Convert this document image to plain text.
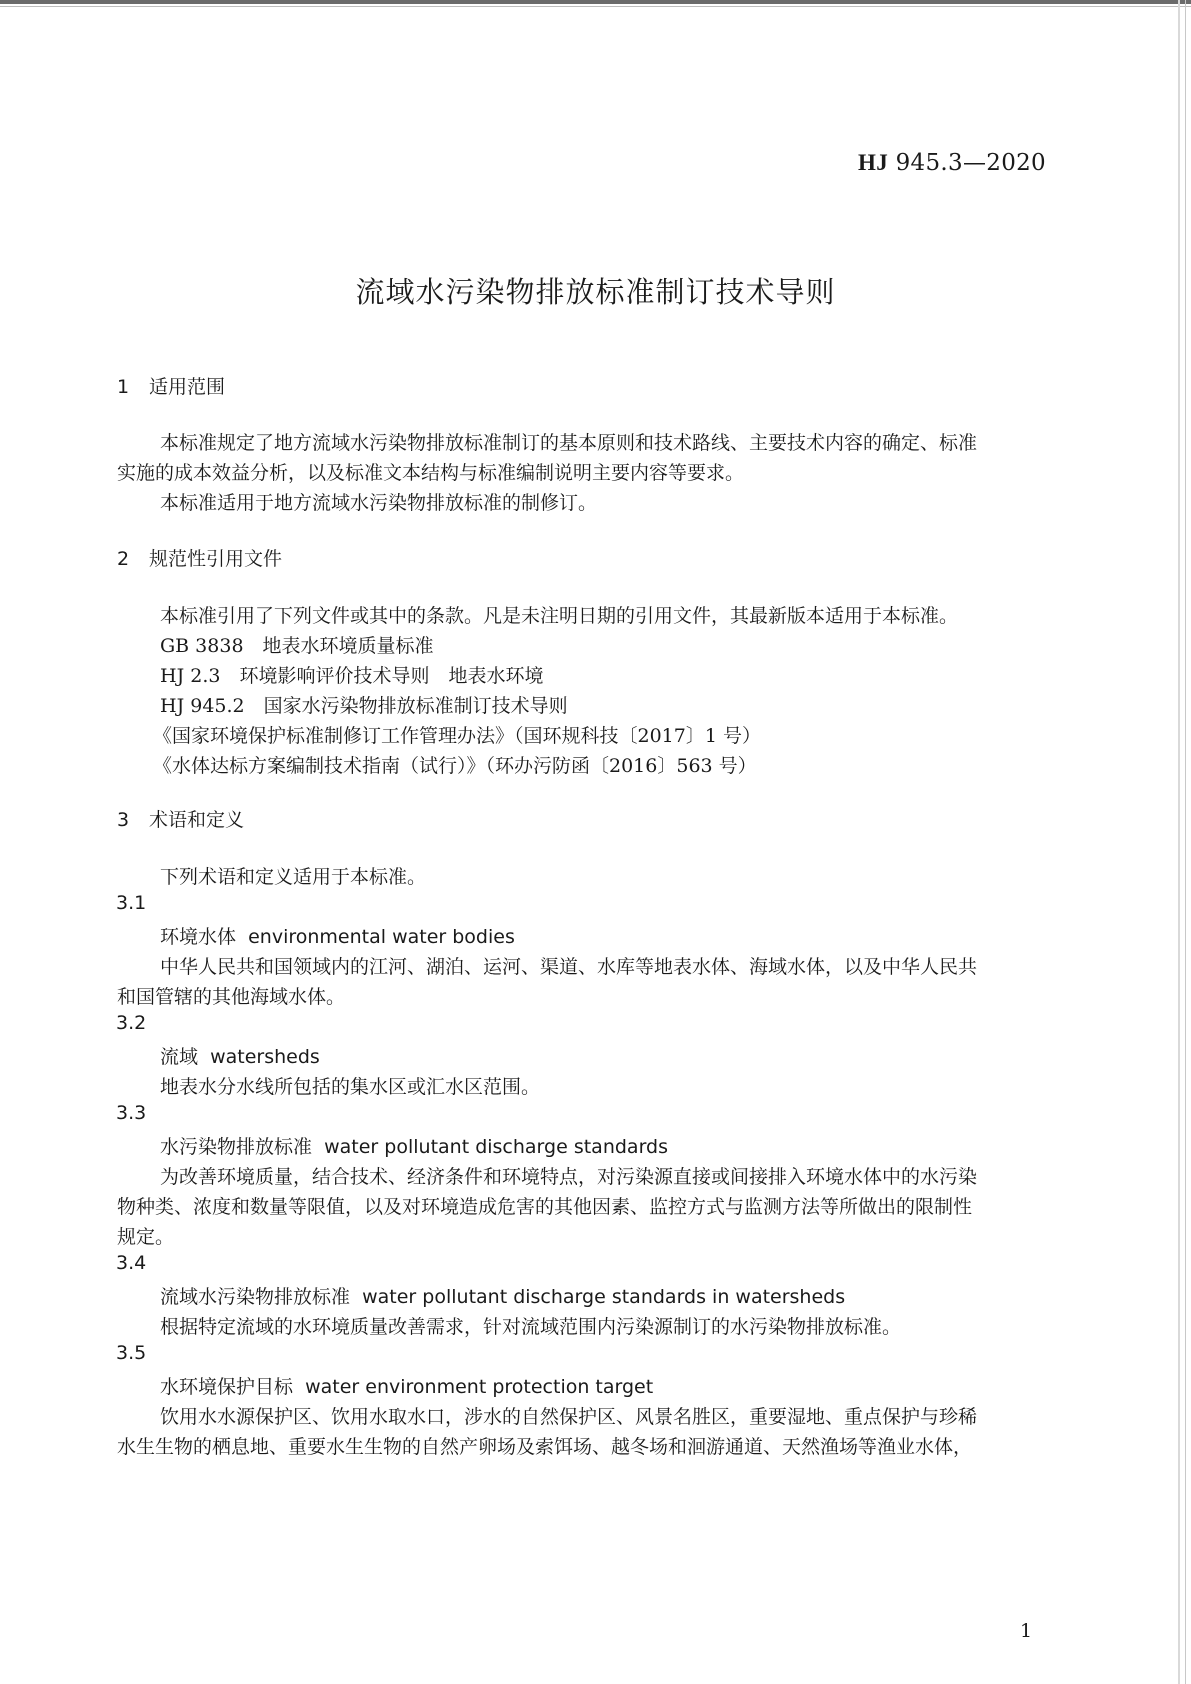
HJ 945.3—2020
流域水污染物排放标准制订技术导则
1 适用范围

本标准规定了地方流域水污染物排放标准制订的基本原则和技术路线、主要技术内容的确定、标准

实施的成本效益分析，以及标准文本结构与标准编制说明主要内容等要求。

本标准适用于地方流域水污染物排放标准的制修订。

2 规范性引用文件

本标准引用了下列文件或其中的条款。凡是未注明日期的引用文件，其最新版本适用于本标准。

GB 3838　地表水环境质量标准

HJ 2.3　环境影响评价技术导则　地表水环境

HJ 945.2　国家水污染物排放标准制订技术导则

《国家环境保护标准制修订工作管理办法》（国环规科技〔2017〕1 号）

《水体达标方案编制技术指南（试行）》（环办污防函〔2016〕563 号）

3 术语和定义

下列术语和定义适用于本标准。

3.1
环境水体 environmental water bodies

中华人民共和国领域内的江河、湖泊、运河、渠道、水库等地表水体、海域水体，以及中华人民共

和国管辖的其他海域水体。

3.2
流域 watersheds

地表水分水线所包括的集水区或汇水区范围。

3.3
水污染物排放标准 water pollutant discharge standards

为改善环境质量，结合技术、经济条件和环境特点，对污染源直接或间接排入环境水体中的水污染

物种类、浓度和数量等限值，以及对环境造成危害的其他因素、监控方式与监测方法等所做出的限制性

规定。

3.4
流域水污染物排放标准 water pollutant discharge standards in watersheds

根据特定流域的水环境质量改善需求，针对流域范围内污染源制订的水污染物排放标准。

3.5
水环境保护目标 water environment protection target

饮用水水源保护区、饮用水取水口，涉水的自然保护区、风景名胜区，重要湿地、重点保护与珍稀

水生生物的栖息地、重要水生生物的自然产卵场及索饵场、越冬场和洄游通道、天然渔场等渔业水体，

1
